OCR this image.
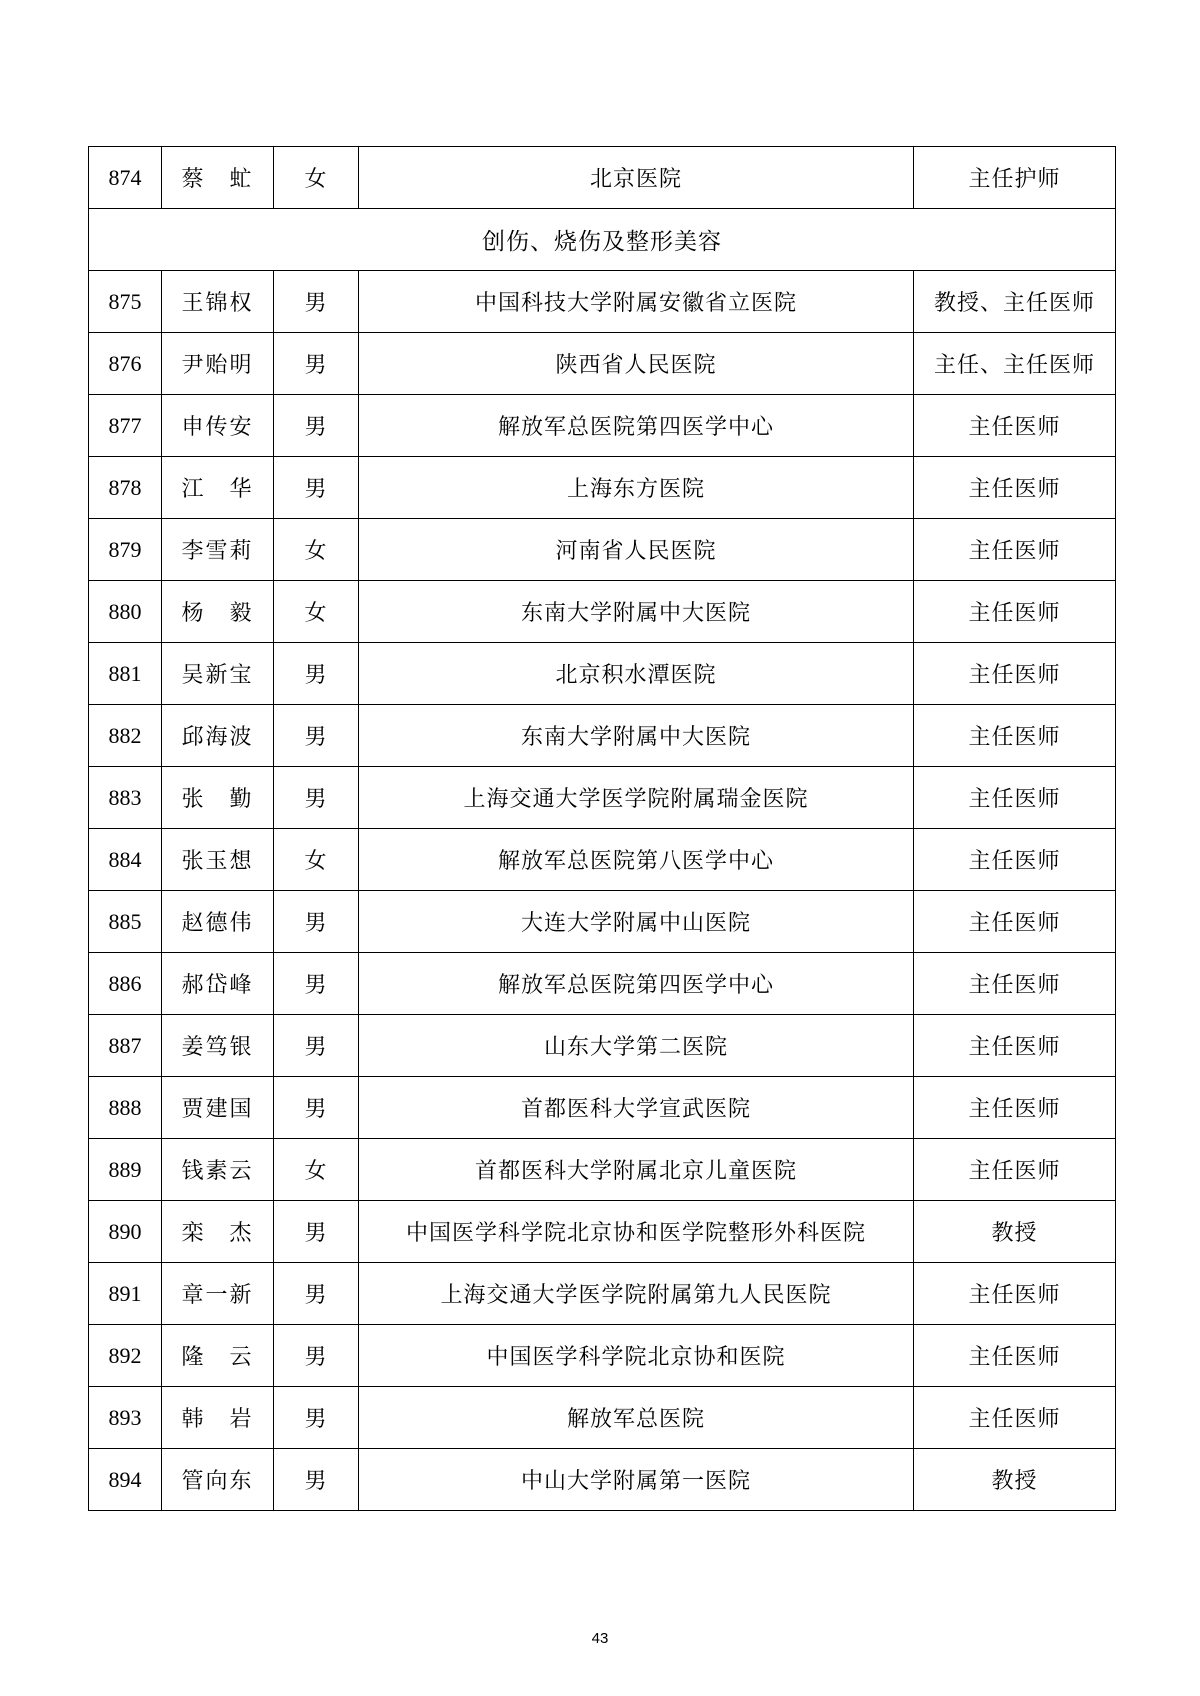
874	蔡　虻	女	北京医院	主任护师
创伤、烧伤及整形美容				
875	王锦权	男	中国科技大学附属安徽省立医院	教授、主任医师
876	尹贻明	男	陕西省人民医院	主任、主任医师
877	申传安	男	解放军总医院第四医学中心	主任医师
878	江　华	男	上海东方医院	主任医师
879	李雪莉	女	河南省人民医院	主任医师
880	杨　毅	女	东南大学附属中大医院	主任医师
881	吴新宝	男	北京积水潭医院	主任医师
882	邱海波	男	东南大学附属中大医院	主任医师
883	张　勤	男	上海交通大学医学院附属瑞金医院	主任医师
884	张玉想	女	解放军总医院第八医学中心	主任医师
885	赵德伟	男	大连大学附属中山医院	主任医师
886	郝岱峰	男	解放军总医院第四医学中心	主任医师
887	姜笃银	男	山东大学第二医院	主任医师
888	贾建国	男	首都医科大学宣武医院	主任医师
889	钱素云	女	首都医科大学附属北京儿童医院	主任医师
890	栾　杰	男	中国医学科学院北京协和医学院整形外科医院	教授
891	章一新	男	上海交通大学医学院附属第九人民医院	主任医师
892	隆　云	男	中国医学科学院北京协和医院	主任医师
893	韩　岩	男	解放军总医院	主任医师
894	管向东	男	中山大学附属第一医院	教授
43
